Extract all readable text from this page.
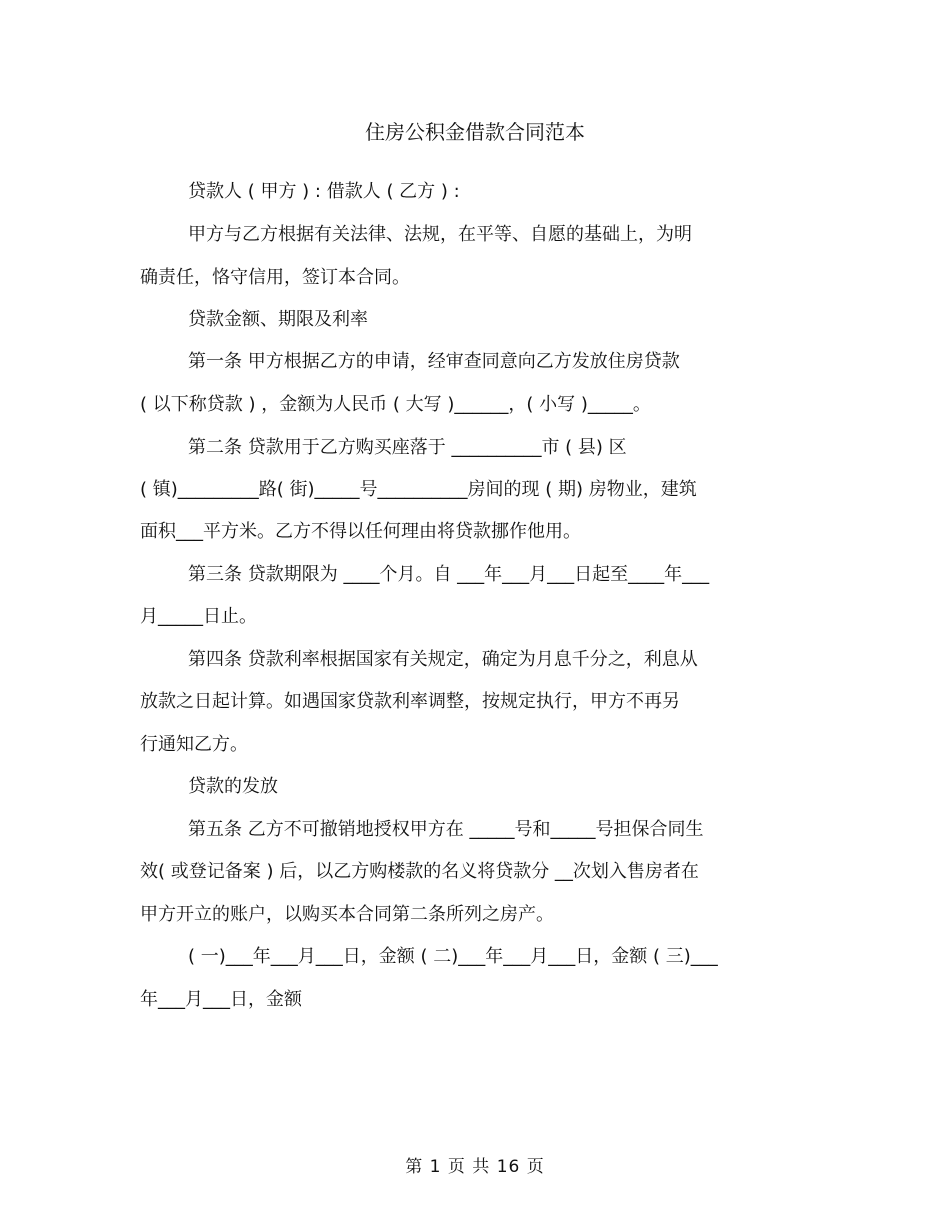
住房公积金借款合同范本
贷款人 ( 甲方 ) : 借款人 ( 乙方 ) :
甲方与乙方根据有关法律、法规，在平等、自愿的基础上，为明
确责任，恪守信用，签订本合同。
贷款金额、期限及利率
第一条 甲方根据乙方的申请，经审查同意向乙方发放住房贷款
( 以下称贷款 ) ，金额为人民币 ( 大写 )______，( 小写 )_____。
第二条 贷款用于乙方购买座落于 __________市 ( 县) 区
( 镇)_________路( 街)_____号__________房间的现 ( 期) 房物业，建筑
面积___平方米。乙方不得以任何理由将贷款挪作他用。
第三条 贷款期限为 ____个月。自 ___年___月___日起至____年___
月_____日止。
第四条 贷款利率根据国家有关规定，确定为月息千分之，利息从
放款之日起计算。如遇国家贷款利率调整，按规定执行，甲方不再另
行通知乙方。
贷款的发放
第五条 乙方不可撤销地授权甲方在 _____号和_____号担保合同生
效( 或登记备案 ) 后，以乙方购楼款的名义将贷款分 __次划入售房者在
甲方开立的账户，以购买本合同第二条所列之房产。
( 一)___年___月___日，金额 ( 二)___年___月___日，金额 ( 三)___
年___月___日，金额
第 1 页 共 16 页
